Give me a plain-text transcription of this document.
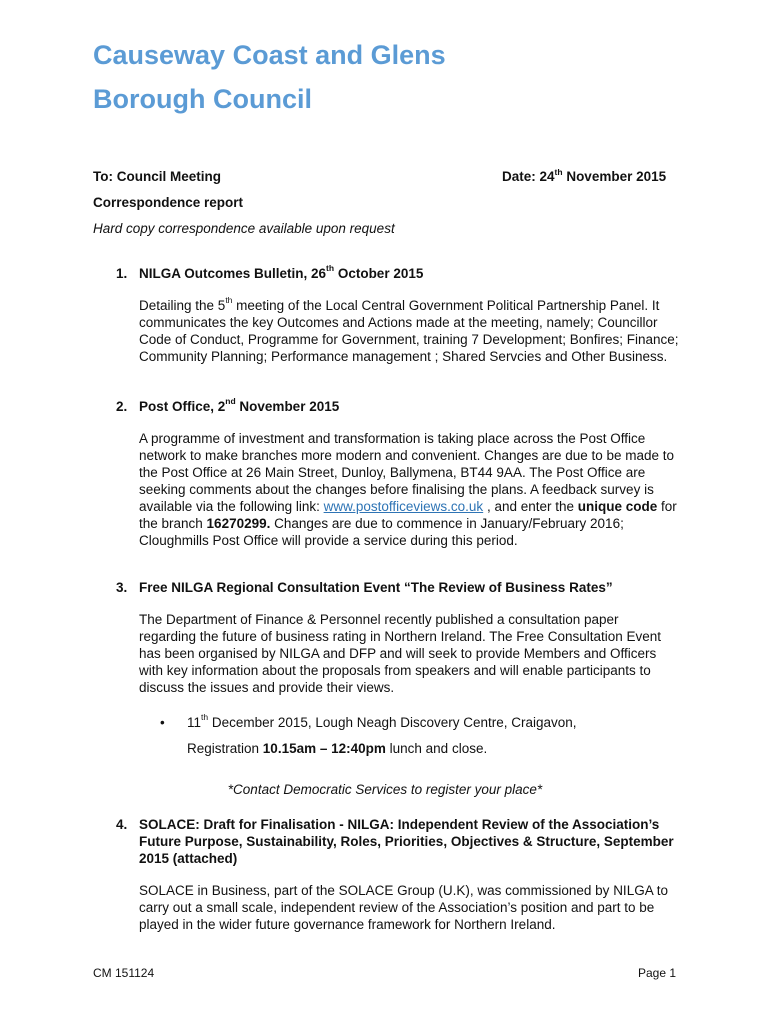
Causeway Coast and Glens
Borough Council
To: Council Meeting	Date: 24th November 2015
Correspondence report
Hard copy correspondence available upon request
1. NILGA Outcomes Bulletin, 26th October 2015
Detailing the 5th meeting of the Local Central Government Political Partnership Panel. It communicates the key Outcomes and Actions made at the meeting, namely; Councillor Code of Conduct, Programme for Government, training 7 Development; Bonfires; Finance; Community Planning; Performance management ; Shared Servcies and Other Business.
2. Post Office, 2nd November 2015
A programme of investment and transformation is taking place across the Post Office network to make branches more modern and convenient. Changes are due to be made to the Post Office at 26 Main Street, Dunloy, Ballymena, BT44 9AA. The Post Office are seeking comments about the changes before finalising the plans. A feedback survey is available via the following link: www.postofficeviews.co.uk , and enter the unique code for the branch 16270299. Changes are due to commence in January/February 2016; Cloughmills Post Office will provide a service during this period.
3. Free NILGA Regional Consultation Event “The Review of Business Rates”
The Department of Finance & Personnel recently published a consultation paper regarding the future of business rating in Northern Ireland. The Free Consultation Event has been organised by NILGA and DFP and will seek to provide Members and Officers with key information about the proposals from speakers and will enable participants to discuss the issues and provide their views.
• 11th December 2015, Lough Neagh Discovery Centre, Craigavon,
Registration 10.15am – 12:40pm lunch and close.
*Contact Democratic Services to register your place*
4. SOLACE: Draft for Finalisation - NILGA: Independent Review of the Association’s Future Purpose, Sustainability, Roles, Priorities, Objectives & Structure, September 2015 (attached)
SOLACE in Business, part of the SOLACE Group (U.K), was commissioned by NILGA to carry out a small scale, independent review of the Association’s position and part to be played in the wider future governance framework for Northern Ireland.
CM 151124	Page 1
